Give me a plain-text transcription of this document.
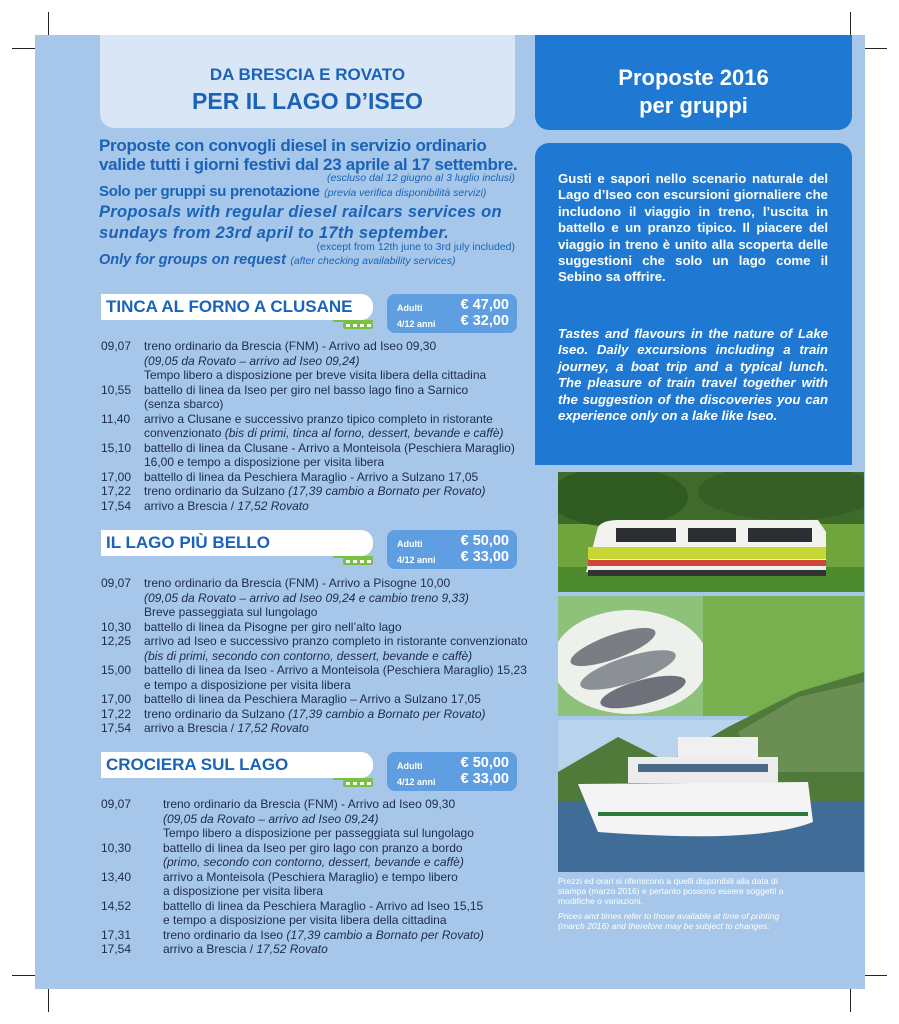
DA BRESCIA E ROVATO
PER IL LAGO D’ISEO
Proposte 2016
per gruppi
Proposte con convogli diesel in servizio ordinario
valide tutti i giorni festivi dal 23 aprile al 17 settembre.
(escluso dal 12 giugno al 3 luglio inclusi)
Solo per gruppi su prenotazione (previa verifica disponibilità servizi)
Proposals with regular diesel railcars services on
sundays from 23rd april to 17th september.
(except from 12th june to 3rd july included)
Only for groups on request (after checking availability services)
TINCA AL FORNO A CLUSANE	Adulti	€ 47,00
4/12 anni € 32,00
09,07	treno ordinario da Brescia (FNM) - Arrivo ad Iseo 09,30
(09,05 da Rovato – arrivo ad Iseo 09,24)
Tempo libero a disposizione per breve visita libera della cittadina
10,55	battello di linea da Iseo per giro nel basso lago fino a Sarnico
(senza sbarco)
11,40	arrivo a Clusane e successivo pranzo tipico completo in ristorante
convenzionato (bis di primi, tinca al forno, dessert, bevande e caffè)
15,10	battello di linea da Clusane - Arrivo a Monteisola (Peschiera Maraglio)
16,00 e tempo a disposizione per visita libera
17,00	battello di linea da Peschiera Maraglio - Arrivo a Sulzano 17,05
17,22	treno ordinario da Sulzano (17,39 cambio a Bornato per Rovato)
17,54	arrivo a Brescia / 17,52 Rovato
IL LAGO PIÙ BELLO	Adulti	€ 50,00
4/12 anni € 33,00
09,07	treno ordinario da Brescia (FNM) - Arrivo a Pisogne 10,00
(09,05 da Rovato – arrivo ad Iseo 09,24 e cambio treno 9,33)
Breve passeggiata sul lungolago
10,30	battello di linea da Pisogne per giro nell’alto lago
12,25	arrivo ad Iseo e successivo pranzo completo in ristorante convenzionato
(bis di primi, secondo con contorno, dessert, bevande e caffè)
15,00	battello di linea da Iseo - Arrivo a Monteisola (Peschiera Maraglio) 15,23
e tempo a disposizione per visita libera
17,00	battello di linea da Peschiera Maraglio – Arrivo a Sulzano 17,05
17,22	treno ordinario da Sulzano (17,39 cambio a Bornato per Rovato)
17,54	arrivo a Brescia / 17,52 Rovato
CROCIERA SUL LAGO	Adulti	€ 50,00
4/12 anni € 33,00
09,07	treno ordinario da Brescia (FNM) - Arrivo ad Iseo 09,30
(09,05 da Rovato – arrivo ad Iseo 09,24)
Tempo libero a disposizione per passeggiata sul lungolago
10,30	battello di linea da Iseo per giro lago con pranzo a bordo
(primo, secondo con contorno, dessert, bevande e caffè)
13,40	arrivo a Monteisola (Peschiera Maraglio) e tempo libero
a disposizione per visita libera
14,52	battello di linea da Peschiera Maraglio - Arrivo ad Iseo 15,15
e tempo a disposizione per visita libera della cittadina
17,31	treno ordinario da Iseo (17,39 cambio a Bornato per Rovato)
17,54	arrivo a Brescia / 17,52 Rovato

Gusti e sapori nello scenario naturale del Lago d’Iseo con escursioni giornaliere che includono il viaggio in treno, l’uscita in battello e un pranzo tipico. Il piacere del viaggio in treno è unito alla scoperta delle suggestioni che solo un lago come il Sebino sa offrire.

Tastes and flavours in the nature of Lake Iseo. Daily excursions including a train journey, a boat trip and a typical lunch. The pleasure of train travel together with the suggestion of the discoveries you can experience only on a lake like Iseo.

Prezzi ed orari si riferiscono a quelli disponibili alla data di stampa (marzo 2016) e pertanto possono essere soggetti a modifiche o variazioni.

Prices and times refer to those available at time of printing (march 2016) and therefore may be subject to changes.
